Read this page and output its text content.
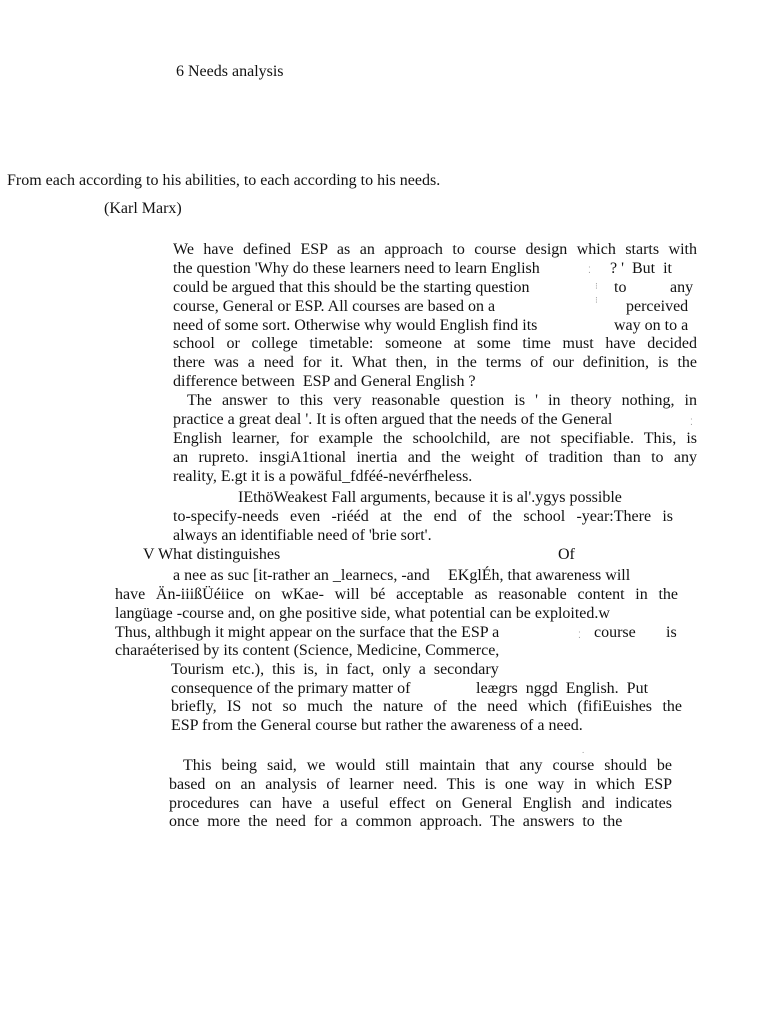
6 Needs analysis
From each according to his abilities, to each according to his needs.
(Karl Marx)
We have defined ESP as an approach to course design which starts with
the question 'Why do these learners need to learn English	⁚ ? '  But  it
could be argued that this should be the starting question	⁝ to	any
course, General or ESP. All courses are based on a	⁝ perceived
need of some sort. Otherwise why would English find its	way on to a
school or college timetable: someone at some time must have decided
there was a need for it. What then, in the terms of our definition, is the
difference between  ESP and General English ?
The answer to this very reasonable question is ' in theory nothing, in
practice a great deal '. It is often argued that the needs of the General	⁚
English learner, for example the schoolchild, are not specifiable. This, is
an rupreto. insgiA1tional inertia and the weight of tradition than to any
reality, E.gt it is a powäful_fdféé-nevérfheless.
IEthöWeakest Fall arguments, because it is al'.ygys possible
to-specify-needs even -riééd at the end of the school -year:There is
always an identifiable need of 'brie sort'.
V What distinguishes	Of
a nee as suc [it-rather an _learnecs, -and EKglÉh, that awareness will
have Än-iiißÜéiice on wKae- will bé acceptable as reasonable content in the
langüage -course and, on ghe positive side, what potential can be exploited.w
Thus, althbugh it might appear on the surface that the ESP a	⁚ course is
charaéterised by its content (Science, Medicine, Commerce,
Tourism  etc.),  this  is,  in  fact,  only  a  secondary
consequence of the primary matter of	leægrs  nggd  English.  Put
briefly, IS not so much the nature of the need which (fifiEuishes the
ESP from the General course but rather the awareness of a need.
.
This being said, we would still maintain that any course should be
based on an analysis of learner need. This is one way in which ESP
procedures can have a useful effect on General English and indicates
once  more  the  need  for  a  common  approach.  The  answers  to  the
